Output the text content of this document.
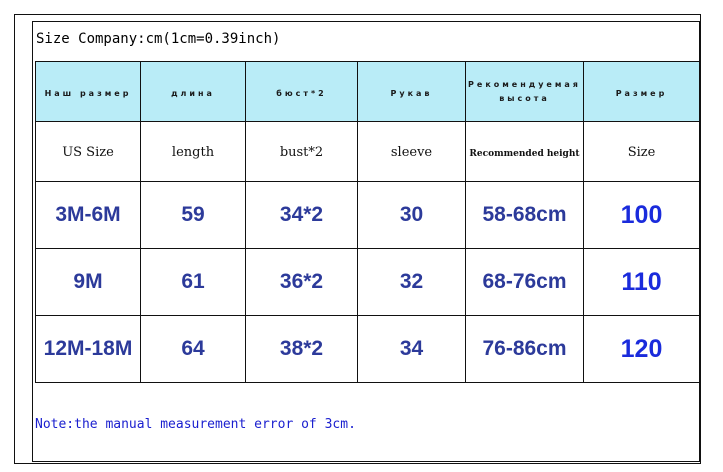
Size Company:cm(1cm=0.39inch)
Наш размер	длина	бюст*2	Рукав	Рекомендуемая высота	Размер
US Size	length	bust*2	sleeve	Recommended height	Size
3M-6M	59	34*2	30	58-68cm	100
9M	61	36*2	32	68-76cm	110
12M-18M	64	38*2	34	76-86cm	120
Note:the manual measurement error of 3cm.
